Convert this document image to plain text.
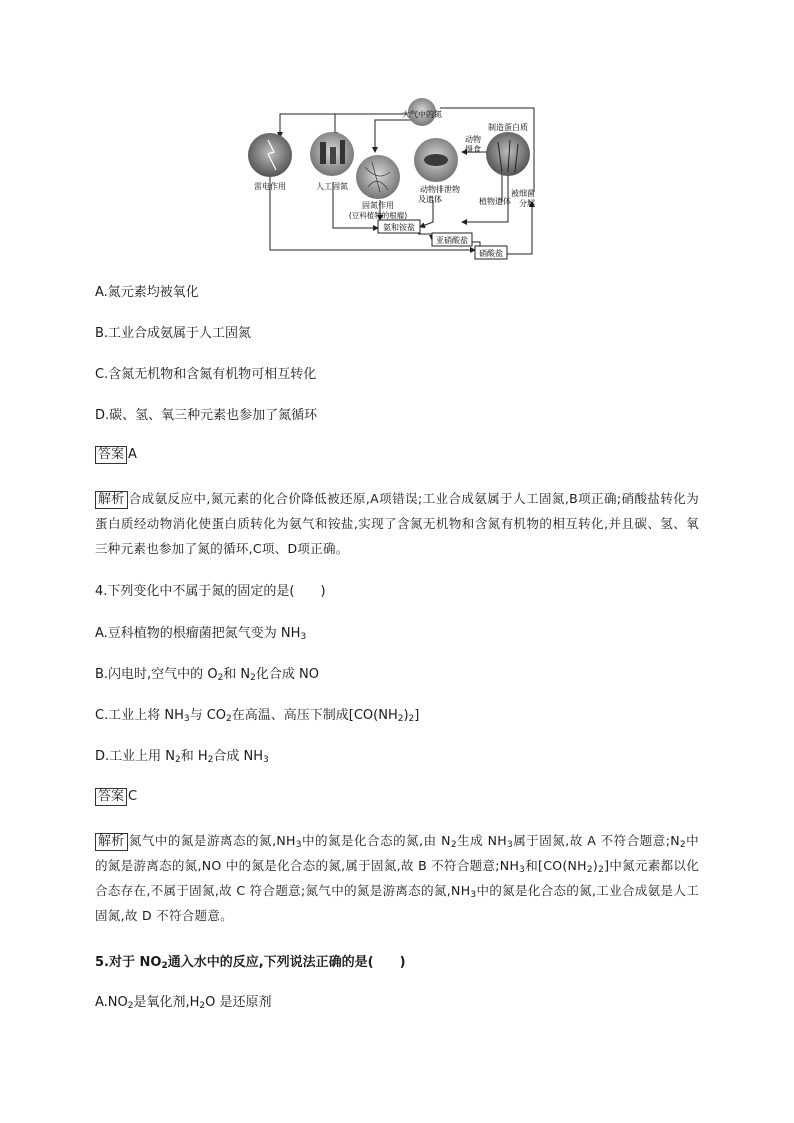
大气中的氮
雷电作用	人工固氮
固氮作用
(豆科植物的根瘤)
动物排泄物
及遗体	植物遗体
动物
摄食
制造蛋白质
被细菌
分解
氨和铵盐
亚硝酸盐
硝酸盐
A.氮元素均被氧化
B.工业合成氨属于人工固氮
C.含氮无机物和含氮有机物可相互转化
D.碳、氢、氧三种元素也参加了氮循环
答案 A
解析 合成氨反应中,氮元素的化合价降低被还原,A项错误;工业合成氨属于人工固氮,B项正确;硝酸盐转化为蛋白质经动物消化使蛋白质转化为氨气和铵盐,实现了含氮无机物和含氮有机物的相互转化,并且碳、氢、氧三种元素也参加了氮的循环,C项、D项正确。
4.下列变化中不属于氮的固定的是(　　)
A.豆科植物的根瘤菌把氮气变为 $NH_3$
B.闪电时,空气中的 $O_2$和 $N_2$化合成 NO
C.工业上将 $NH_3$与 $CO_2$在高温、高压下制成$[CO(NH_2)_2]$
D.工业上用 $N_2$和 $H_2$合成 $NH_3$
答案 C
解析 氮气中的氮是游离态的氮$,NH_3$中的氮是化合态的氮,由 $N_2$生成 $NH_3$属于固氮,故 A 不符合题意$;N_2$中的氮是游离态的氮,NO 中的氮是化合态的氮,属于固氮,故 B 不符合题意$;NH_3$和$[CO(NH_2)_2]$中氮元素都以化合态存在,不属于固氮,故 C 符合题意;氮气中的氮是游离态的氮$,NH_3$中的氮是化合态的氮,工业合成氨是人工固氮,故 D 不符合题意。
5.对于 $NO_2$通入水中的反应,下列说法正确的是(　　)
$A.NO_2$是氧化剂$,H_2O$ 是还原剂
